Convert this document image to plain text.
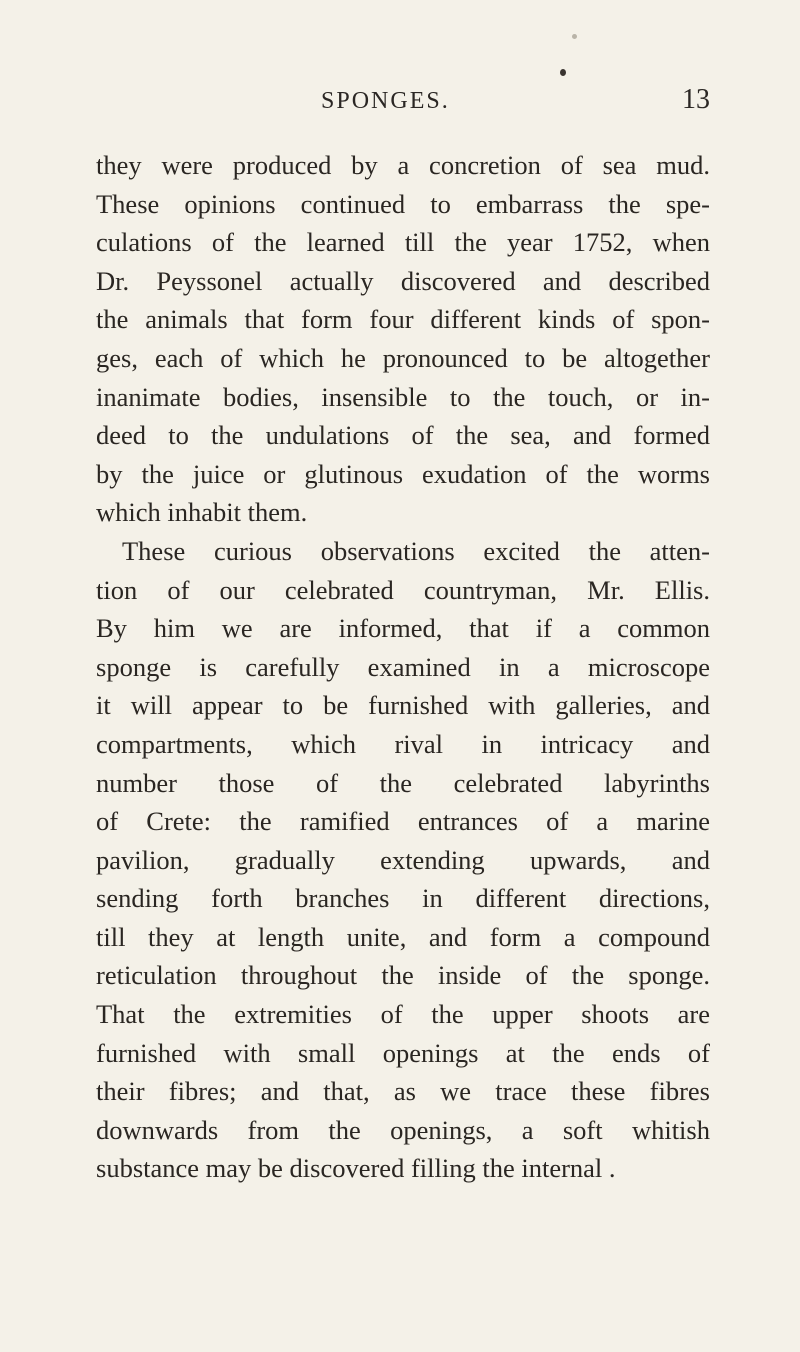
SPONGES.	13
they were produced by a concretion of sea mud.
These opinions continued to embarrass the spe-
culations of the learned till the year 1752, when
Dr. Peyssonel actually discovered and described
the animals that form four different kinds of spon-
ges, each of which he pronounced to be altogether
inanimate bodies, insensible to the touch, or in-
deed to the undulations of the sea, and formed
by the juice or glutinous exudation of the worms
which inhabit them.
These curious observations excited the atten-
tion of our celebrated countryman, Mr. Ellis.
By him we are informed, that if a common
sponge is carefully examined in a microscope
it will appear to be furnished with galleries, and
compartments, which rival in intricacy and
number those of the celebrated labyrinths
of Crete: the ramified entrances of a marine
pavilion, gradually extending upwards, and
sending forth branches in different directions,
till they at length unite, and form a compound
reticulation throughout the inside of the sponge.
That the extremities of the upper shoots are
furnished with small openings at the ends of
their fibres; and that, as we trace these fibres
downwards from the openings, a soft whitish
substance may be discovered filling the internal .
